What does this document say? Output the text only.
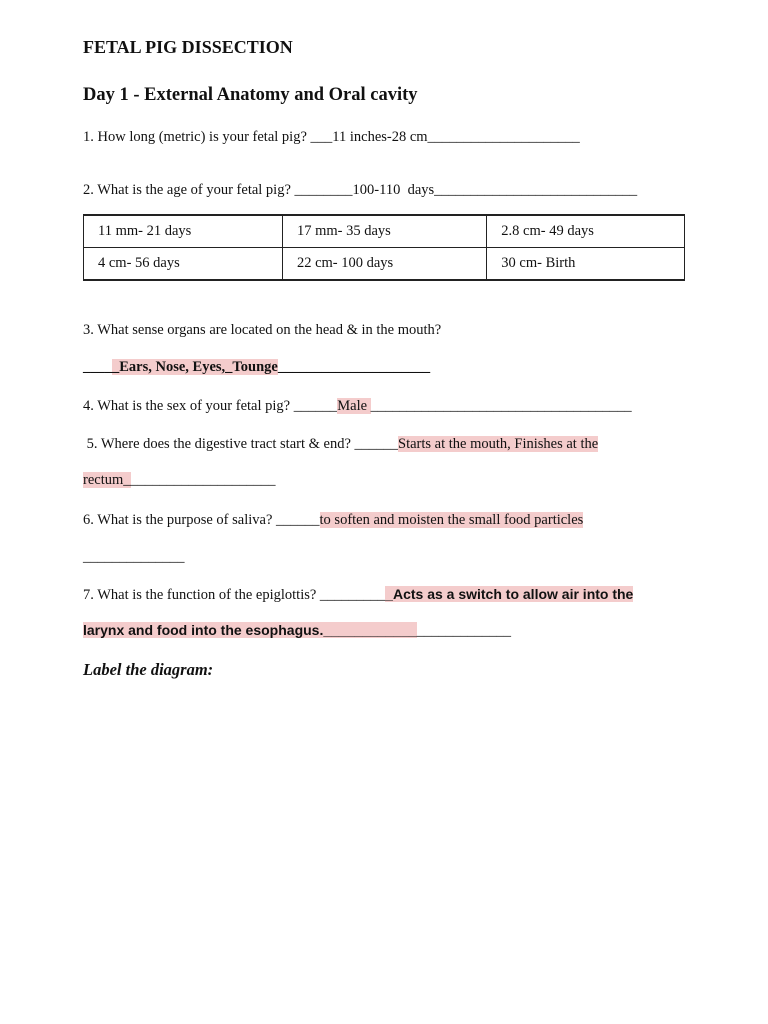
FETAL PIG DISSECTION
Day 1 - External Anatomy and Oral cavity
1. How long (metric) is your fetal pig? ___11 inches-28 cm_____________________
2. What is the age of your fetal pig? ________100-110  days____________________________
11 mm- 21 days	17 mm- 35 days	2.8 cm- 49 days
4 cm- 56 days	22 cm- 100 days	30 cm- Birth
3. What sense organs are located on the head & in the mouth?
_____Ears, Nose, Eyes,_Tounge_____________________
4. What is the sex of your fetal pig? ______Male ____________________________________
5. Where does the digestive tract start & end? ______Starts at the mouth, Finishes at the
rectum_____________________
6. What is the purpose of saliva? ______to soften and moisten the small food particles
______________
7. What is the function of the epiglottis? __________Acts as a switch to allow air into the
larynx and food into the esophagus._________________________
Label the diagram:
